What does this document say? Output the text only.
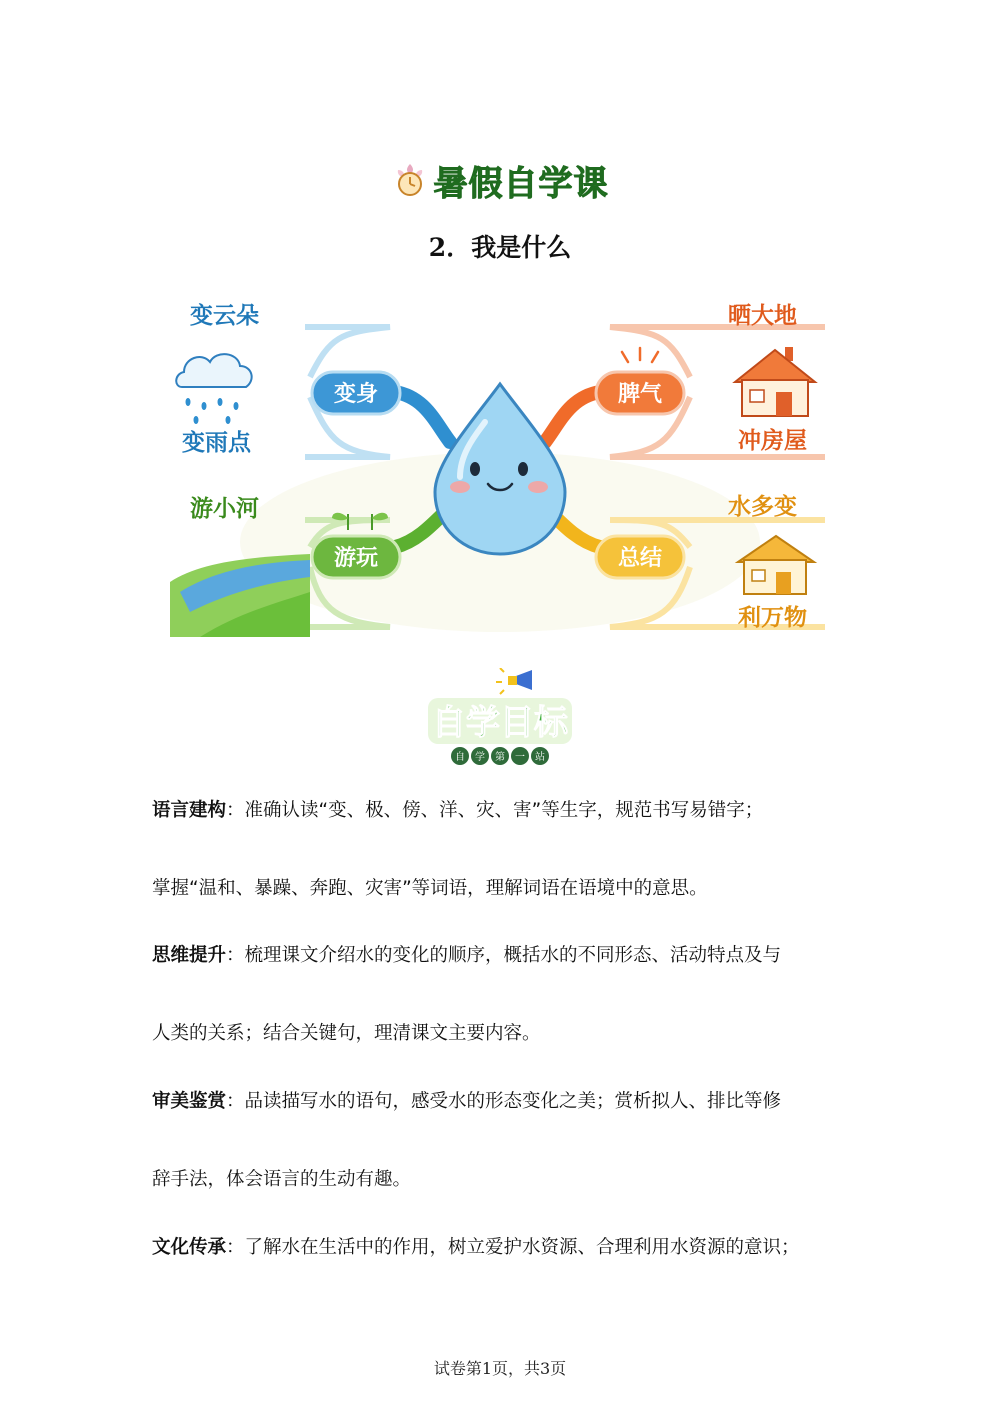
暑假自学课
2．我是什么
变身
变云朵
变雨点
游玩
游小河
脾气
晒大地
冲房屋
总结
水多变
利万物
自学目标
自 学 第 一 站
语言建构：准确认读“变、极、傍、洋、灾、害”等生字，规范书写易错字；
掌握“温和、暴躁、奔跑、灾害”等词语，理解词语在语境中的意思。
思维提升：梳理课文介绍水的变化的顺序，概括水的不同形态、活动特点及与
人类的关系；结合关键句，理清课文主要内容。
审美鉴赏：品读描写水的语句，感受水的形态变化之美；赏析拟人、排比等修
辞手法，体会语言的生动有趣。
文化传承：了解水在生活中的作用，树立爱护水资源、合理利用水资源的意识；
试卷第1页，共3页
